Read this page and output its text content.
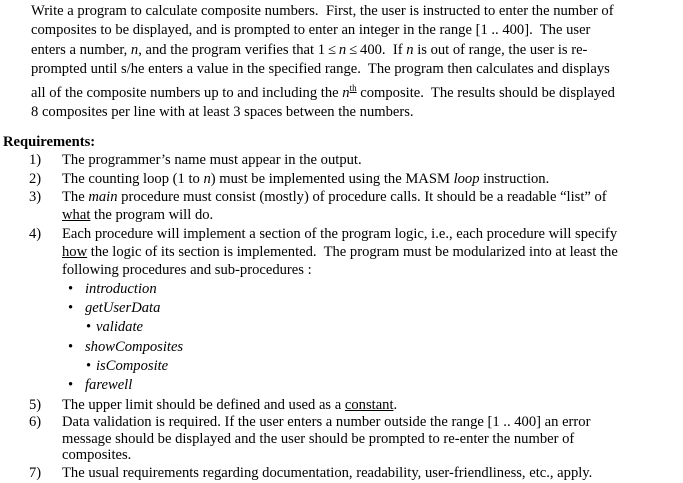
Write a program to calculate composite numbers.  First, the user is instructed to enter the number of

composites to be displayed, and is prompted to enter an integer in the range [1 .. 400].  The user

enters a number, n, and the program verifies that 1 ≤ n ≤ 400.  If n is out of range, the user is re-

prompted until s/he enters a value in the specified range.  The program then calculates and displays

all of the composite numbers up to and including the $n^{th}$ composite.  The results should be displayed

8 composites per line with at least 3 spaces between the numbers.

Requirements:
1) The programmer’s name must appear in the output.
2) The counting loop (1 to n) must be implemented using the MASM loop instruction.
3) The main procedure must consist (mostly) of procedure calls. It should be a readable “list” of
what the program will do.
4) Each procedure will implement a section of the program logic, i.e., each procedure will specify
how the logic of its section is implemented.  The program must be modularized into at least the
following procedures and sub-procedures :
• introduction
• getUserData
• validate
• showComposites
• isComposite
• farewell
5) The upper limit should be defined and used as a constant.
6) Data validation is required. If the user enters a number outside the range [1 .. 400] an error
message should be displayed and the user should be prompted to re-enter the number of
composites.
7) The usual requirements regarding documentation, readability, user-friendliness, etc., apply.
